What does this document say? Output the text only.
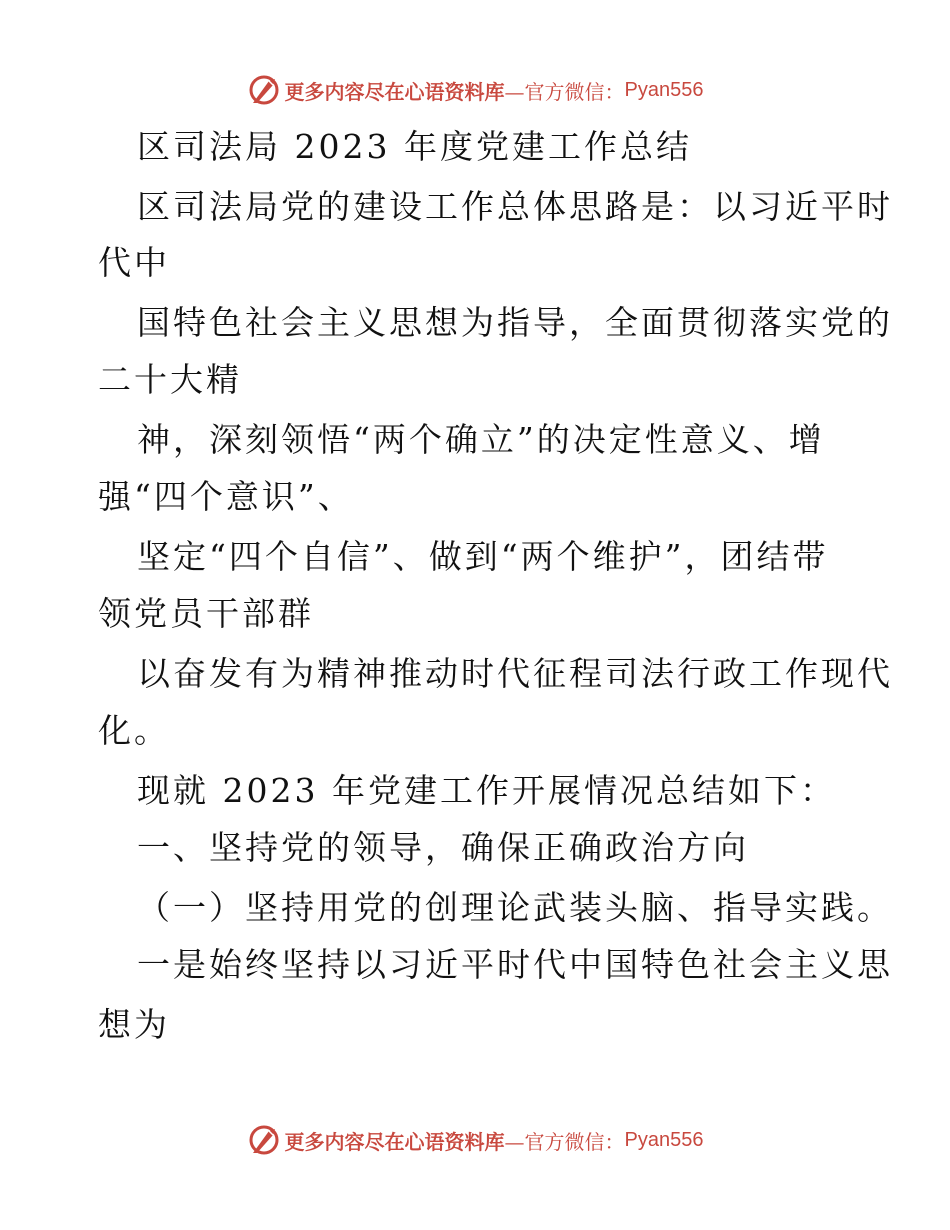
更多内容尽在心语资料库 —官方微信： Pyan556
区司法局 2023 年度党建工作总结
区司法局党的建设工作总体思路是：以习近平时
代中
国特色社会主义思想为指导，全面贯彻落实党的
二十大精
神，深刻领悟“两个确立”的决定性意义、增
强“四个意识”、
坚定“四个自信”、做到“两个维护”，团结带
领党员干部群
以奋发有为精神推动时代征程司法行政工作现代
化。
现就 2023 年党建工作开展情况总结如下：
一、坚持党的领导，确保正确政治方向
（一）坚持用党的创理论武装头脑、指导实践。
一是始终坚持以习近平时代中国特色社会主义思
想为
更多内容尽在心语资料库 —官方微信： Pyan556
